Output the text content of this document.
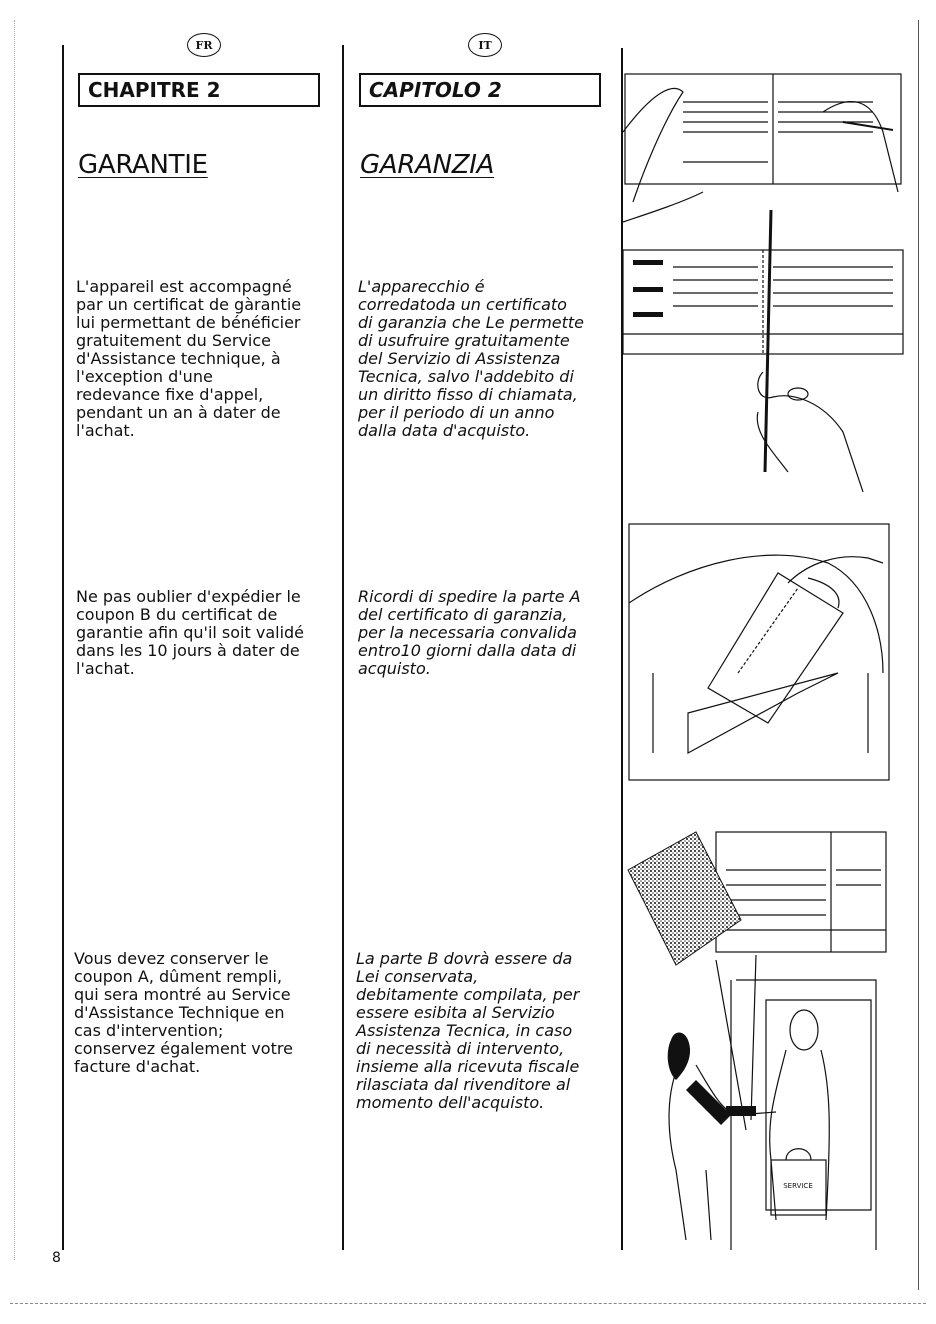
FR
CHAPITRE 2
GARANTIE
L'appareil est accompagné
par un certificat de gàrantie
lui permettant de bénéficier
gratuitement du Service
d'Assistance technique, à
l'exception d'une
redevance fixe d'appel,
pendant un an à dater de
l'achat.
Ne pas oublier d'expédier le
coupon B du certificat de
garantie afin qu'il soit validé
dans les 10 jours à dater de
l'achat.
Vous devez conserver le
coupon A, dûment rempli,
qui sera montré au Service
d'Assistance Technique en
cas d'intervention;
conservez également votre
facture d'achat.
IT
CAPITOLO 2
GARANZIA
L'apparecchio é
corredatoda un certificato
di garanzia che Le permette
di usufruire gratuitamente
del Servizio di Assistenza
Tecnica, salvo l'addebito di
un diritto fisso di chiamata,
per il periodo di un anno
dalla data d'acquisto.
Ricordi di spedire la parte A
del certificato di garanzia,
per la necessaria convalida
entro10 giorni dalla data di
acquisto.
La parte B dovrà essere da
Lei conservata,
debitamente compilata, per
essere esibita al Servizio
Assistenza Tecnica, in caso
di necessità di intervento,
insieme alla ricevuta fiscale
rilasciata dal rivenditore al
momento dell'acquisto.
SERVICE
8
